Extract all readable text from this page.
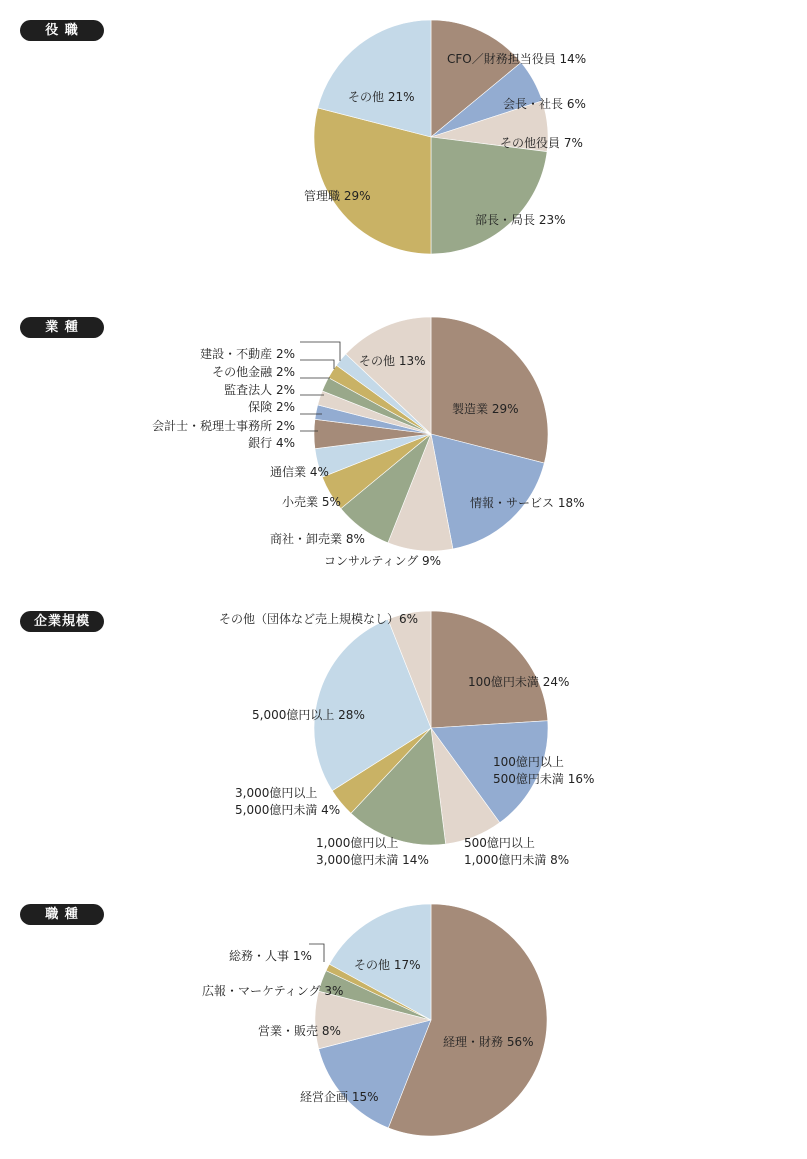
役 職
CFO／財務担当役員 14%
会長・社長 6%
その他役員 7%
部長・局長 23%
管理職 29%
その他 21%
業 種
製造業 29%
情報・サービス 18%
コンサルティング 9%
商社・卸売業 8%
小売業 5%
通信業 4%
銀行 4%
会計士・税理士事務所 2%
保険 2%
監査法人 2%
その他金融 2%
建設・不動産 2%	その他 13%
企業規模
100億円未満 24%
100億円以上 500億円未満 16%
500億円以上 1,000億円未満 8%
1,000億円以上 3,000億円未満 14%
3,000億円以上 5,000億円未満 4%
5,000億円以上 28%
その他（団体など売上規模なし）6%
職 種
経理・財務 56%
経営企画 15%
営業・販売 8%
広報・マーケティング 3%
総務・人事 1%
その他 17%
